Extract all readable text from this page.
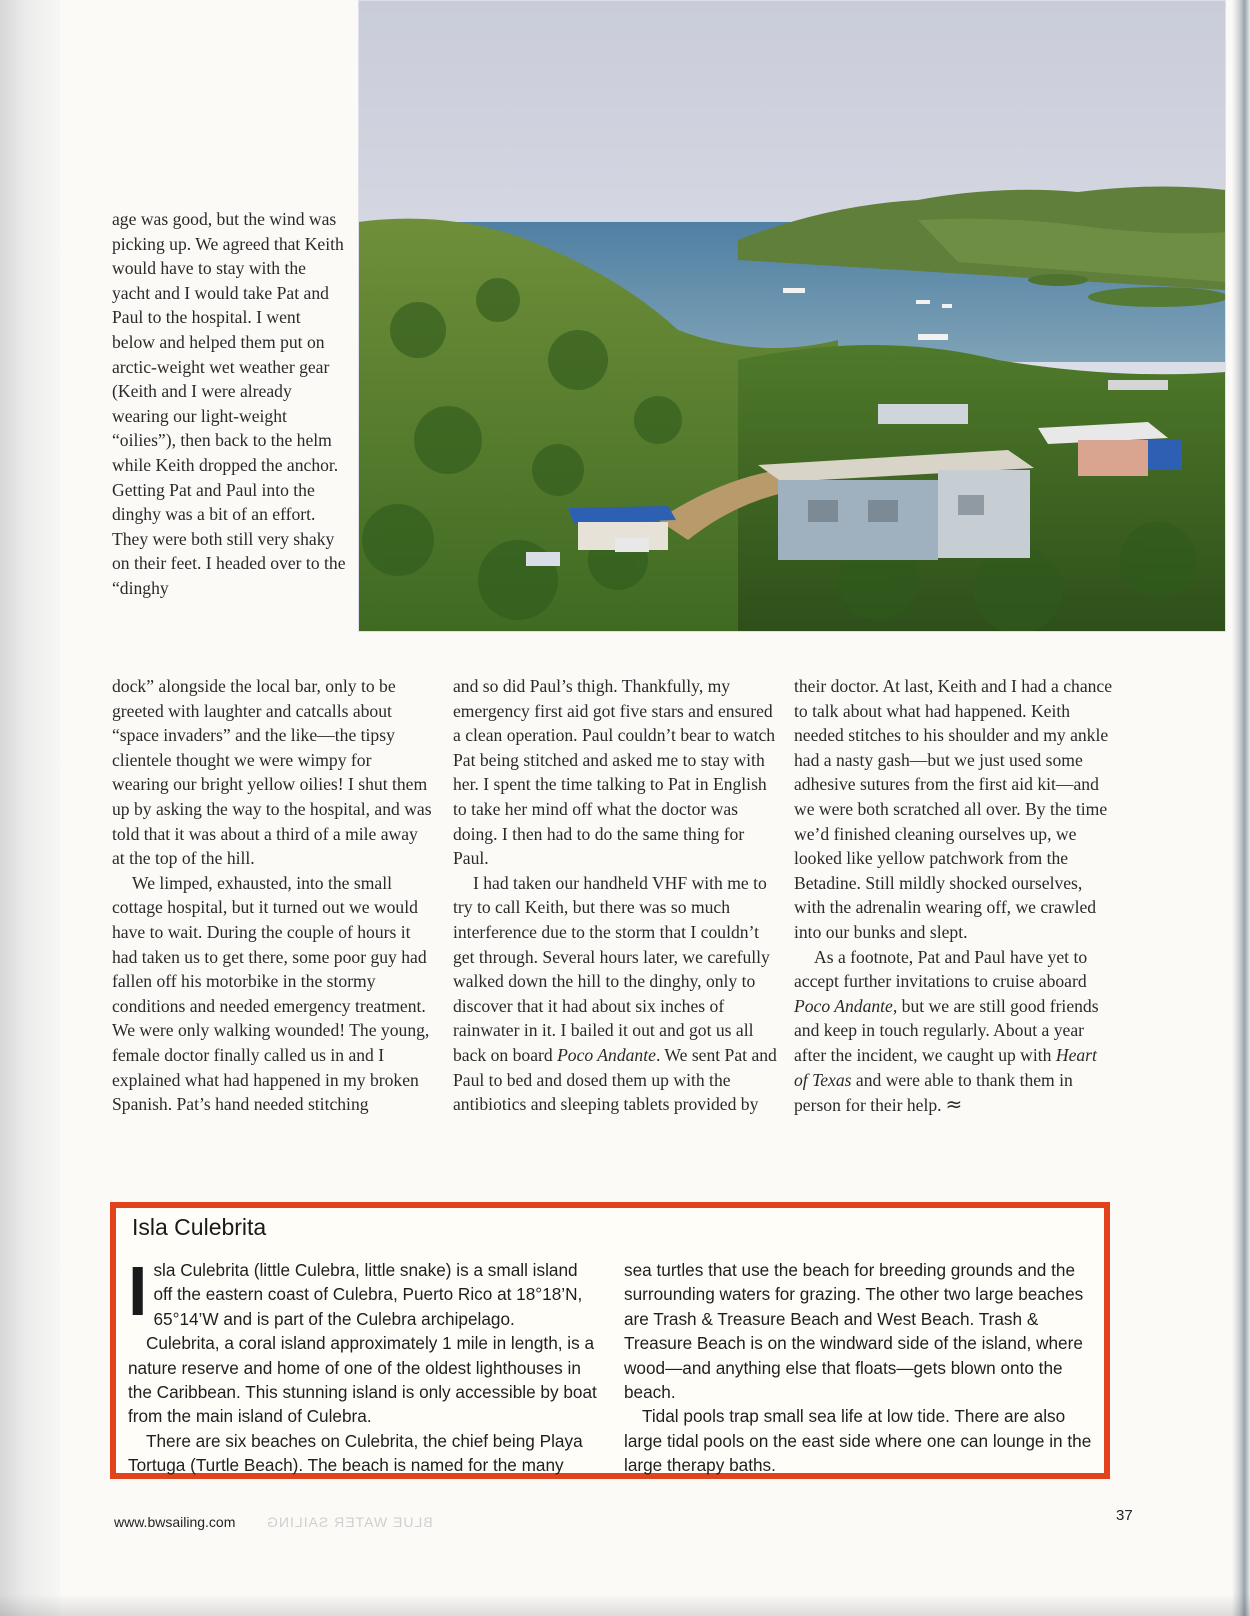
age was good, but the wind was picking up. We agreed that Keith would have to stay with the yacht and I would take Pat and Paul to the hospital. I went below and helped them put on arctic-weight wet weather gear (Keith and I were already wearing our light-weight “oilies”), then back to the helm while Keith dropped the anchor. Getting Pat and Paul into the dinghy was a bit of an effort. They were both still very shaky on their feet. I headed over to the “dinghy

dock” alongside the local bar, only to be greeted with laughter and catcalls about “space invaders” and the like—the tipsy clientele thought we were wimpy for wearing our bright yellow oilies! I shut them up by asking the way to the hospital, and was told that it was about a third of a mile away at the top of the hill.

We limped, exhausted, into the small cottage hospital, but it turned out we would have to wait. During the couple of hours it had taken us to get there, some poor guy had fallen off his motorbike in the stormy conditions and needed emergency treatment. We were only walking wounded! The young, female doctor finally called us in and I explained what had happened in my broken Spanish. Pat’s hand needed stitching

and so did Paul’s thigh. Thankfully, my emergency first aid got five stars and ensured a clean operation. Paul couldn’t bear to watch Pat being stitched and asked me to stay with her. I spent the time talking to Pat in English to take her mind off what the doctor was doing. I then had to do the same thing for Paul.

I had taken our handheld VHF with me to try to call Keith, but there was so much interference due to the storm that I couldn’t get through. Several hours later, we carefully walked down the hill to the dinghy, only to discover that it had about six inches of rainwater in it. I bailed it out and got us all back on board Poco Andante. We sent Pat and Paul to bed and dosed them up with the antibiotics and sleeping tablets provided by

their doctor. At last, Keith and I had a chance to talk about what had happened. Keith needed stitches to his shoulder and my ankle had a nasty gash—but we just used some adhesive sutures from the first aid kit—and we were both scratched all over. By the time we’d finished cleaning ourselves up, we looked like yellow patchwork from the Betadine. Still mildly shocked ourselves, with the adrenalin wearing off, we crawled into our bunks and slept.

As a footnote, Pat and Paul have yet to accept further invitations to cruise aboard Poco Andante, but we are still good friends and keep in touch regularly. About a year after the incident, we caught up with Heart of Texas and were able to thank them in person for their help. ≈

Isla Culebrita

Isla Culebrita (little Culebra, little snake) is a small island off the eastern coast of Culebra, Puerto Rico at 18°18’N, 65°14’W and is part of the Culebra archipelago.

Culebrita, a coral island approximately 1 mile in length, is a nature reserve and home of one of the oldest lighthouses in the Caribbean. This stunning island is only accessible by boat from the main island of Culebra.

There are six beaches on Culebrita, the chief being Playa Tortuga (Turtle Beach). The beach is named for the many

sea turtles that use the beach for breeding grounds and the surrounding waters for grazing. The other two large beaches are Trash & Treasure Beach and West Beach. Trash & Treasure Beach is on the windward side of the island, where wood—and anything else that floats—gets blown onto the beach.

Tidal pools trap small sea life at low tide. There are also large tidal pools on the east side where one can lounge in the large therapy baths.

www.bwsailing.com BLUE WATER SAILING	37
